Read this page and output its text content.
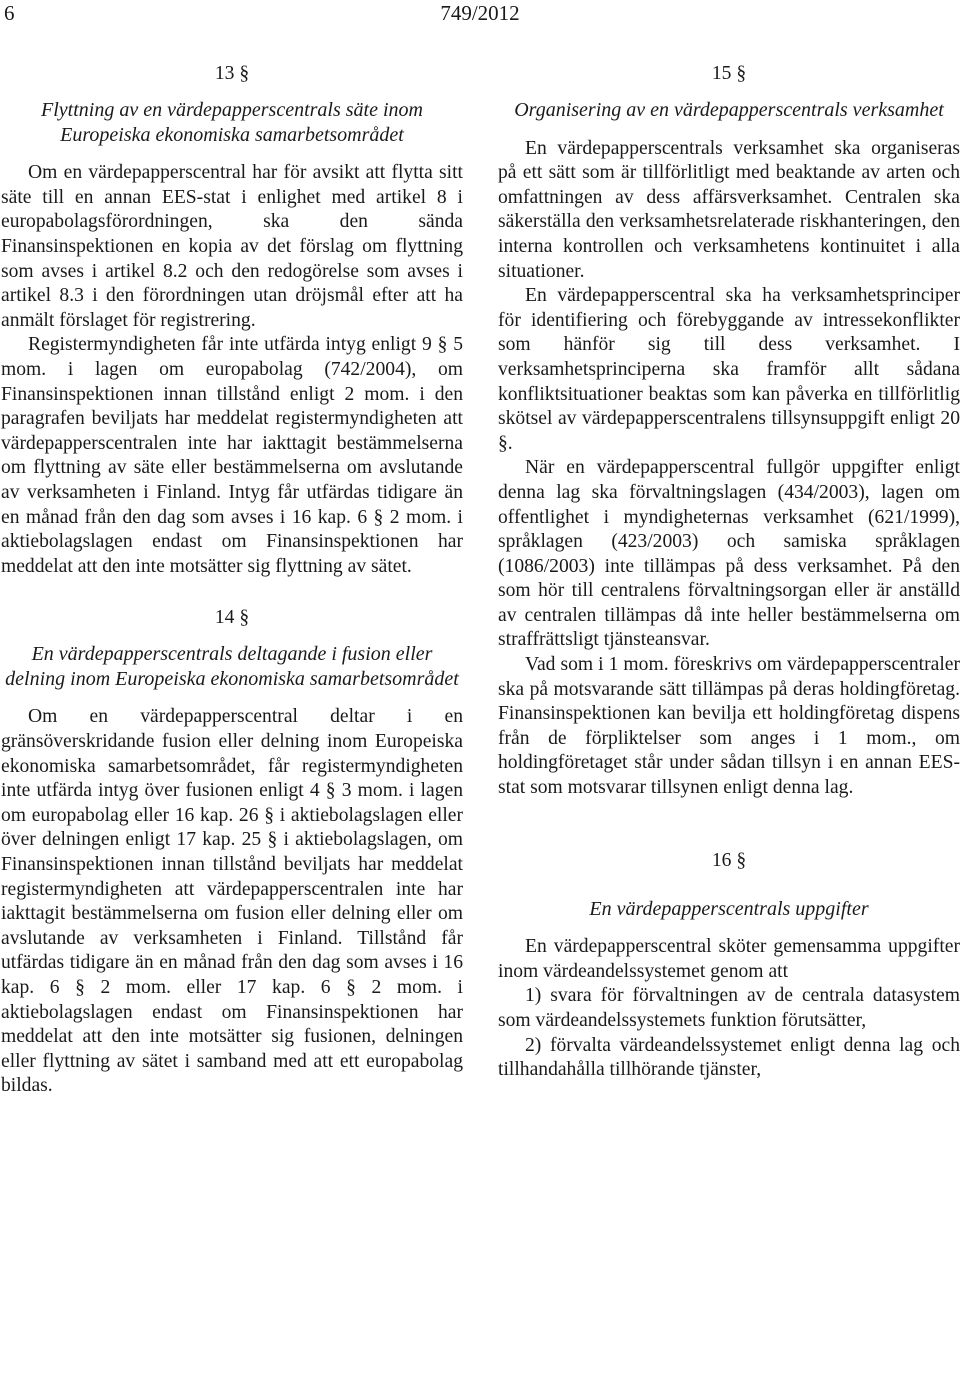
6	749/2012
13 §
Flyttning av en värdepapperscentrals säte inom Europeiska ekonomiska samarbetsområdet

Om en värdepapperscentral har för avsikt att flytta sitt säte till en annan EES-stat i enlighet med artikel 8 i europabolagsförordningen, ska den sända Finansinspektionen en kopia av det förslag om flyttning som avses i artikel 8.2 och den redogörelse som avses i artikel 8.3 i den förordningen utan dröjsmål efter att ha anmält förslaget för registrering.

Registermyndigheten får inte utfärda intyg enligt 9 § 5 mom. i lagen om europabolag (742/2004), om Finansinspektionen innan tillstånd enligt 2 mom. i den paragrafen beviljats har meddelat registermyndigheten att värdepapperscentralen inte har iakttagit bestämmelserna om flyttning av säte eller bestämmelserna om avslutande av verksamheten i Finland. Intyg får utfärdas tidigare än en månad från den dag som avses i 16 kap. 6 § 2 mom. i aktiebolagslagen endast om Finansinspektionen har meddelat att den inte motsätter sig flyttning av sätet.

14 §
En värdepapperscentrals deltagande i fusion eller delning inom Europeiska ekonomiska samarbetsområdet

Om en värdepapperscentral deltar i en gränsöverskridande fusion eller delning inom Europeiska ekonomiska samarbetsområdet, får registermyndigheten inte utfärda intyg över fusionen enligt 4 § 3 mom. i lagen om europabolag eller 16 kap. 26 § i aktiebolagslagen eller över delningen enligt 17 kap. 25 § i aktiebolagslagen, om Finansinspektionen innan tillstånd beviljats har meddelat registermyndigheten att värdepapperscentralen inte har iakttagit bestämmelserna om fusion eller delning eller om avslutande av verksamheten i Finland. Tillstånd får utfärdas tidigare än en månad från den dag som avses i 16 kap. 6 § 2 mom. eller 17 kap. 6 § 2 mom. i aktiebolagslagen endast om Finansinspektionen har meddelat att den inte motsätter sig fusionen, delningen eller flyttning av sätet i samband med att ett europabolag bildas.

15 §
Organisering av en värdepapperscentrals verksamhet

En värdepapperscentrals verksamhet ska organiseras på ett sätt som är tillförlitligt med beaktande av arten och omfattningen av dess affärsverksamhet. Centralen ska säkerställa den verksamhetsrelaterade riskhanteringen, den interna kontrollen och verksamhetens kontinuitet i alla situationer.

En värdepapperscentral ska ha verksamhetsprinciper för identifiering och förebyggande av intressekonflikter som hänför sig till dess verksamhet. I verksamhetsprinciperna ska framför allt sådana konfliktsituationer beaktas som kan påverka en tillförlitlig skötsel av värdepapperscentralens tillsynsuppgift enligt 20 §.

När en värdepapperscentral fullgör uppgifter enligt denna lag ska förvaltningslagen (434/2003), lagen om offentlighet i myndigheternas verksamhet (621/1999), språklagen (423/2003) och samiska språklagen (1086/2003) inte tillämpas på dess verksamhet. På den som hör till centralens förvaltningsorgan eller är anställd av centralen tillämpas då inte heller bestämmelserna om straffrättsligt tjänsteansvar.

Vad som i 1 mom. föreskrivs om värdepapperscentraler ska på motsvarande sätt tillämpas på deras holdingföretag. Finansinspektionen kan bevilja ett holdingföretag dispens från de förpliktelser som anges i 1 mom., om holdingföretaget står under sådan tillsyn i en annan EES-stat som motsvarar tillsynen enligt denna lag.

16 §
En värdepapperscentrals uppgifter

En värdepapperscentral sköter gemensamma uppgifter inom värdeandelssystemet genom att

1) svara för förvaltningen av de centrala datasystem som värdeandelssystemets funktion förutsätter,

2) förvalta värdeandelssystemet enligt denna lag och tillhandahålla tillhörande tjänster,
